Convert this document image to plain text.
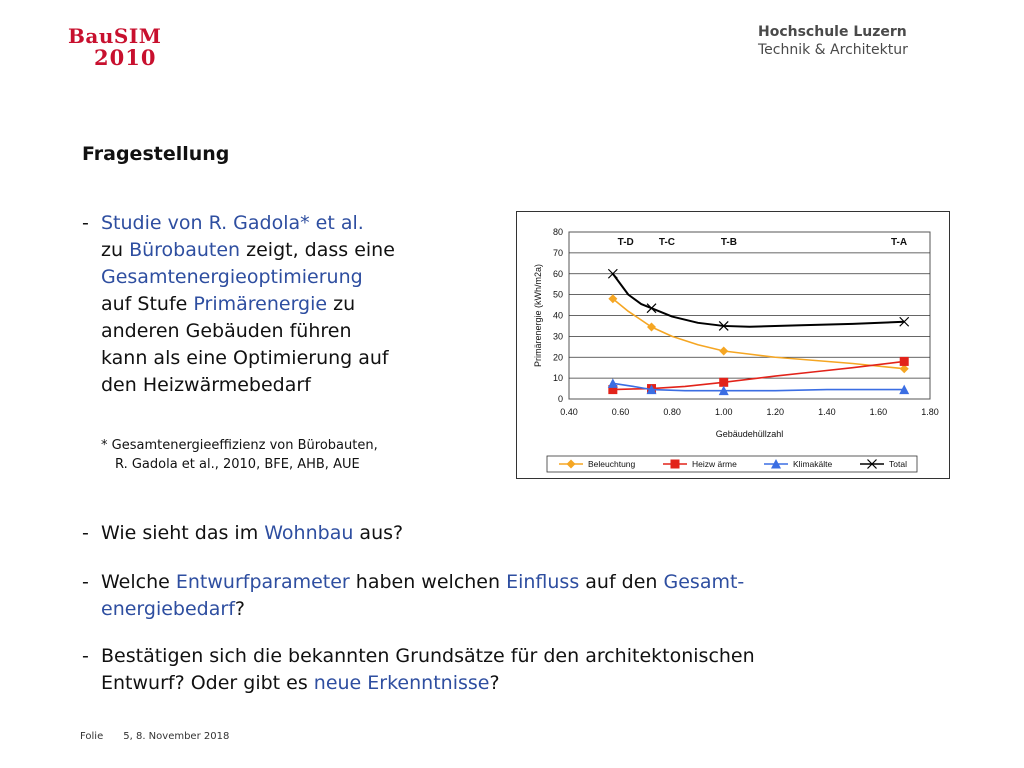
BauSIM
2010
Hochschule Luzern
Technik & Architektur
Fragestellung
- Studie von R. Gadola* et al.
zu Bürobauten zeigt, dass eine
Gesamtenergieoptimierung
auf Stufe Primärenergie zu
anderen Gebäuden führen
kann als eine Optimierung auf
den Heizwärmebedarf
* Gesamtenergieeffizienz von Bürobauten,
R. Gadola et al., 2010, BFE, AHB, AUE
0
10
20
30
40
50
60
70
80
0.40	0.60	0.80	1.00	1.20	1.40	1.60	1.80
Gebäudehüllzahl
Primärenergie (kWh/m2a)
T-D	T-C	T-B	T-A
Beleuchtung	Heizw ärme	Klimakälte	Total
- Wie sieht das im Wohnbau aus?
- Welche Entwurfparameter haben welchen Einfluss auf den Gesamt-
energiebedarf?
- Bestätigen sich die bekannten Grundsätze für den architektonischen
Entwurf? Oder gibt es neue Erkenntnisse?
Folie 5, 8. November 2018
